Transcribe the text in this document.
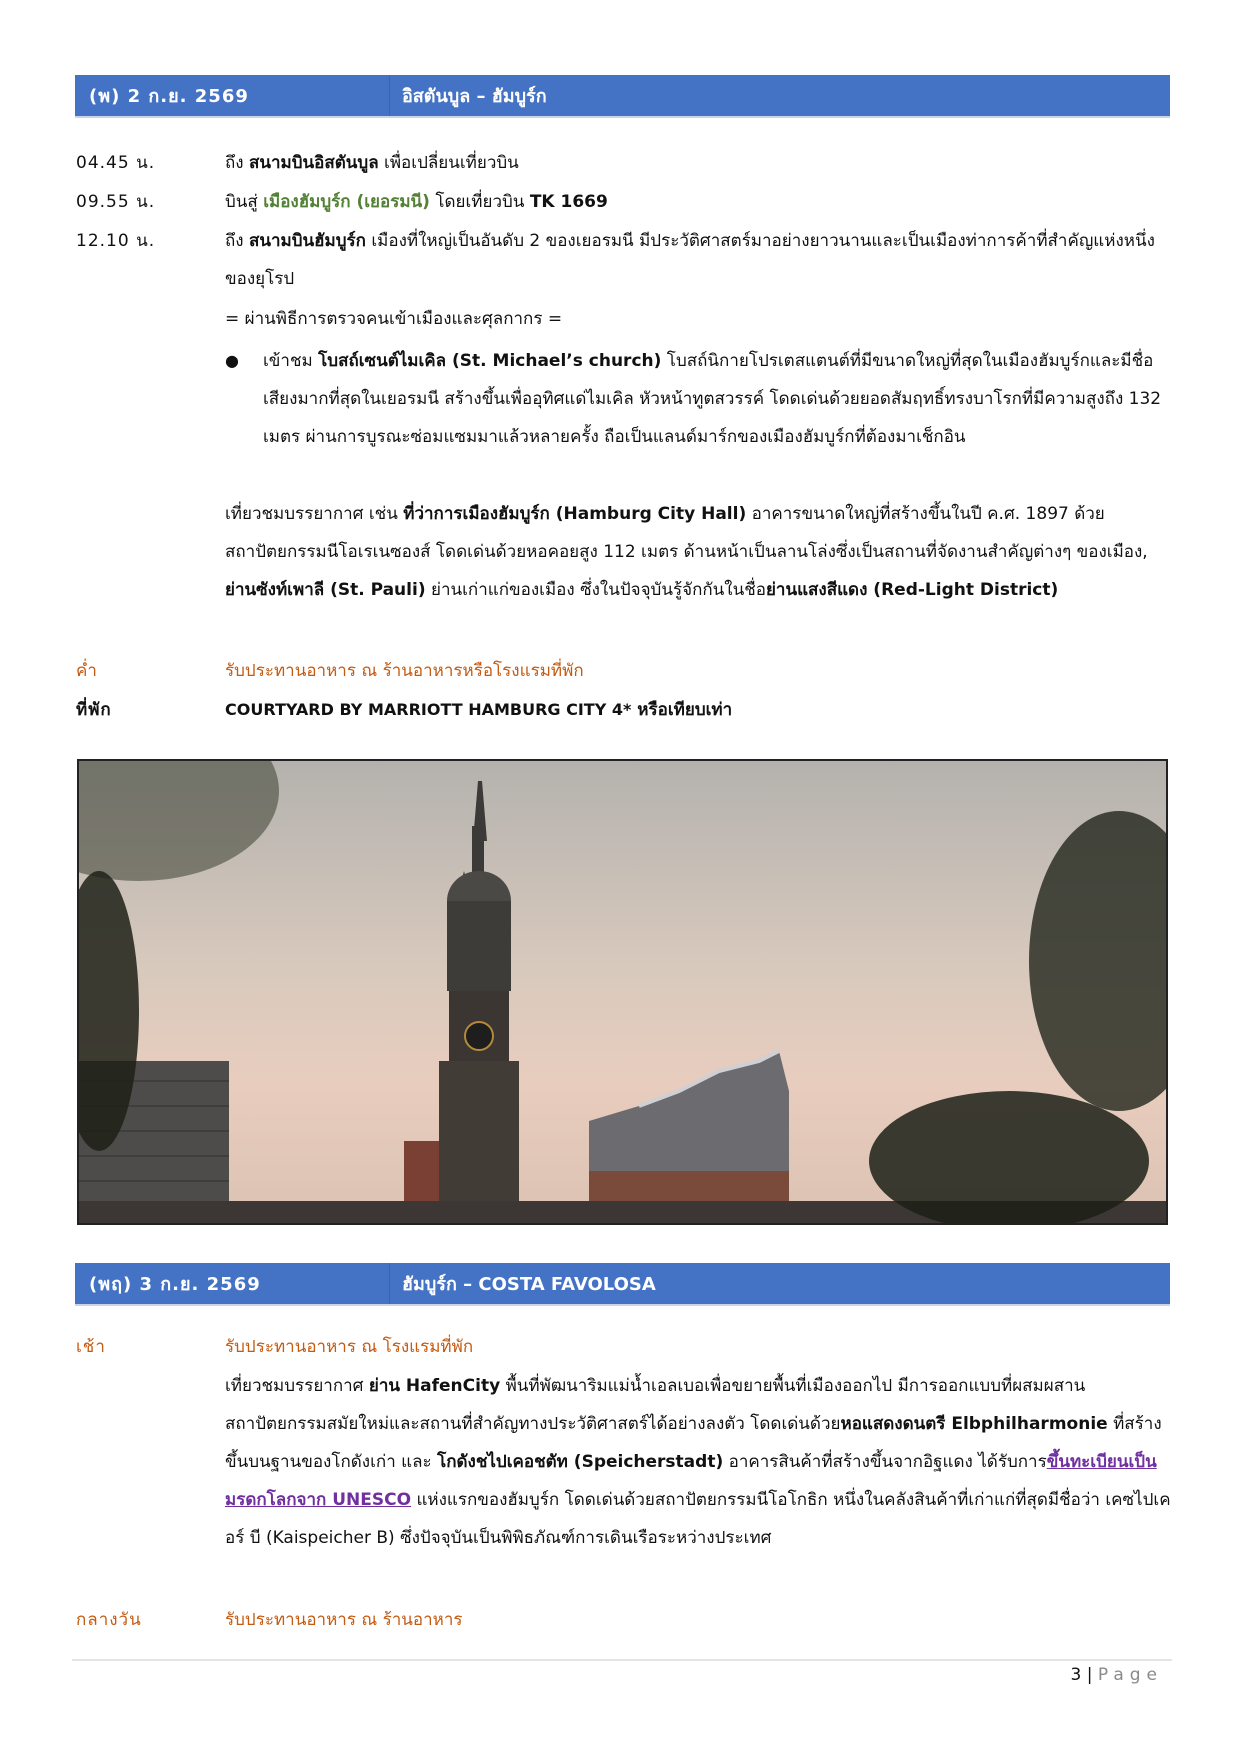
(พ) 2 ก.ย. 2569	อิสตันบูล – ฮัมบูร์ก
04.45 น.	ถึง สนามบินอิสตันบูล เพื่อเปลี่ยนเที่ยวบิน
09.55 น.	บินสู่ เมืองฮัมบูร์ก (เยอรมนี) โดยเที่ยวบิน TK 1669
12.10 น.	ถึง สนามบินฮัมบูร์ก เมืองที่ใหญ่เป็นอันดับ 2 ของเยอรมนี มีประวัติศาสตร์มาอย่างยาวนานและเป็นเมืองท่าการค้าที่สำคัญแห่งหนึ่งของยุโรป
= ผ่านพิธีการตรวจคนเข้าเมืองและศุลกากร =
● เข้าชม โบสถ์เซนต์ไมเคิล (St. Michael’s church) โบสถ์นิกายโปรเตสแตนต์ที่มีขนาดใหญ่ที่สุดในเมืองฮัมบูร์กและมีชื่อเสียงมากที่สุดในเยอรมนี สร้างขึ้นเพื่ออุทิศแด่ไมเคิล หัวหน้าทูตสวรรค์ โดดเด่นด้วยยอดสัมฤทธิ์ทรงบาโรกที่มีความสูงถึง 132 เมตร ผ่านการบูรณะซ่อมแซมมาแล้วหลายครั้ง ถือเป็นแลนด์มาร์กของเมืองฮัมบูร์กที่ต้องมาเช็กอิน
เที่ยวชมบรรยากาศ เช่น ที่ว่าการเมืองฮัมบูร์ก (Hamburg City Hall) อาคารขนาดใหญ่ที่สร้างขึ้นในปี ค.ศ. 1897 ด้วยสถาปัตยกรรมนีโอเรเนซองส์ โดดเด่นด้วยหอคอยสูง 112 เมตร ด้านหน้าเป็นลานโล่งซึ่งเป็นสถานที่จัดงานสำคัญต่างๆ ของเมือง, ย่านซังท์เพาลี (St. Pauli) ย่านเก่าแก่ของเมือง ซึ่งในปัจจุบันรู้จักกันในชื่อย่านแสงสีแดง (Red-Light District)
ค่ำ	รับประทานอาหาร ณ ร้านอาหารหรือโรงแรมที่พัก
ที่พัก	COURTYARD BY MARRIOTT HAMBURG CITY 4* หรือเทียบเท่า
(พฤ) 3 ก.ย. 2569	ฮัมบูร์ก – COSTA FAVOLOSA
เช้า	รับประทานอาหาร ณ โรงแรมที่พัก
เที่ยวชมบรรยากาศ ย่าน HafenCity พื้นที่พัฒนาริมแม่น้ำเอลเบอเพื่อขยายพื้นที่เมืองออกไป มีการออกแบบที่ผสมผสานสถาปัตยกรรมสมัยใหม่และสถานที่สำคัญทางประวัติศาสตร์ได้อย่างลงตัว โดดเด่นด้วยหอแสดงดนตรี Elbphilharmonie ที่สร้างขึ้นบนฐานของโกดังเก่า และ โกดังชไปเคอชตัท (Speicherstadt) อาคารสินค้าที่สร้างขึ้นจากอิฐแดง ได้รับการขึ้นทะเบียนเป็นมรดกโลกจาก UNESCO แห่งแรกของฮัมบูร์ก โดดเด่นด้วยสถาปัตยกรรมนีโอโกธิก หนึ่งในคลังสินค้าที่เก่าแก่ที่สุดมีชื่อว่า เคซไปเคอร์ บี (Kaispeicher B) ซึ่งปัจจุบันเป็นพิพิธภัณฑ์การเดินเรือระหว่างประเทศ
กลางวัน	รับประทานอาหาร ณ ร้านอาหาร
3 | Page
